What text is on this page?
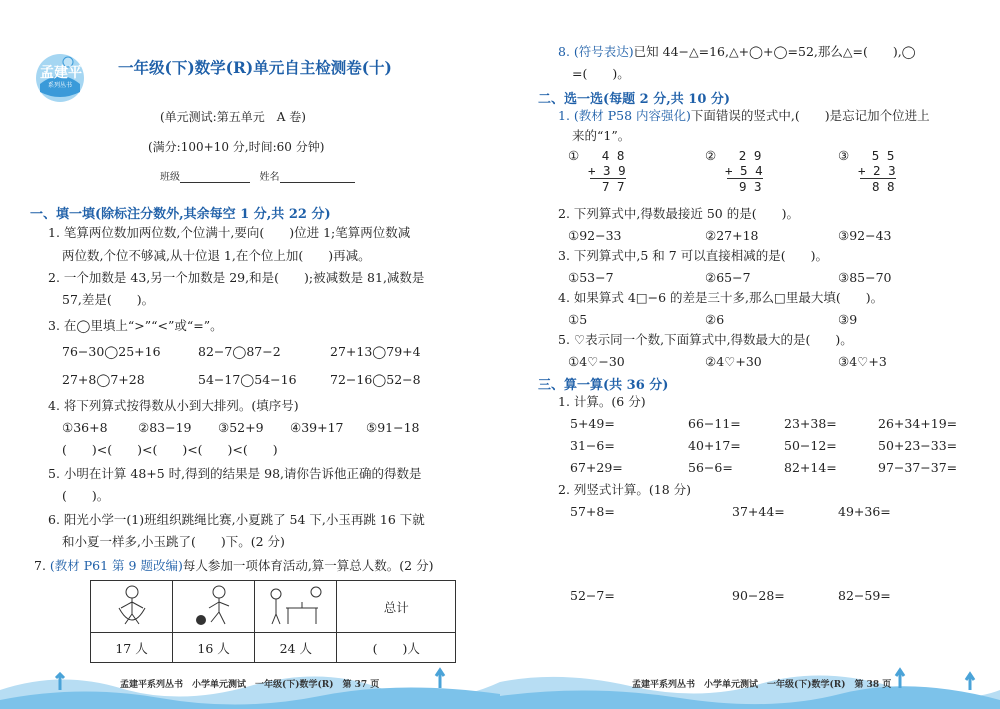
孟建平
系列丛书
一年级(下)数学(R)单元自主检测卷(十)
(单元测试:第五单元　A 卷)
(满分:100+10 分,时间:60 分钟)
班级	姓名
一、填一填(除标注分数外,其余每空 1 分,共 22 分)
1. 笔算两位数加两位数,个位满十,要向(　　)位进 1;笔算两位数减
两位数,个位不够减,从十位退 1,在个位上加(　　)再减。
2. 一个加数是 43,另一个加数是 29,和是(　　);被减数是 81,减数是
57,差是(　　)。
3. 在◯里填上“>”“<”或“=”。
76−30◯25+16	82−7◯87−2	27+13◯79+4
27+8◯7+28	54−17◯54−16	72−16◯52−8
4. 将下列算式按得数从小到大排列。(填序号)
①36+8 ②83−19 ③52+9 ④39+17 ⑤91−18
(　　)<(　　)<(　　)<(　　)<(　　)
5. 小明在计算 48+5 时,得到的结果是 98,请你告诉他正确的得数是
(　　)。
6. 阳光小学一(1)班组织跳绳比赛,小夏跳了 54 下,小玉再跳 16 下就
和小夏一样多,小玉跳了(　　)下。(2 分)
7. (教材 P61 第 9 题改编)每人参加一项体育活动,算一算总人数。(2 分)
			总计
17 人	16 人	24 人	(　　)人
孟建平系列丛书　小学单元测试　一年级(下)数学(R)　第 37 页
8. (符号表达)已知 44−△=16,△+◯+◯=52,那么△=(　　),◯
=(　　)。
二、选一选(每题 2 分,共 10 分)
1. (教材 P58 内容强化)下面错误的竖式中,(　　)是忘记加个位进上
来的“1”。
① 4 8
+ 3 9
7 7
② 2 9
+ 5 4
9 3
③ 5 5
+ 2 3
8 8
2. 下列算式中,得数最接近 50 的是(　　)。
①92−33	②27+18	③92−43
3. 下列算式中,5 和 7 可以直接相减的是(　　)。
①53−7	②65−7	③85−70
4. 如果算式 4□−6 的差是三十多,那么□里最大填(　　)。
①5	②6	③9
5. ♡表示同一个数,下面算式中,得数最大的是(　　)。
①4♡−30	②4♡+30	③4♡+3
三、算一算(共 36 分)
1. 计算。(6 分)
5+49=	66−11=	23+38=	26+34+19=
31−6=	40+17=	50−12=	50+23−33=
67+29=	56−6=	82+14=	97−37−37=
2. 列竖式计算。(18 分)
57+8=	37+44=	49+36=
52−7=	90−28=	82−59=
孟建平系列丛书　小学单元测试　一年级(下)数学(R)　第 38 页
